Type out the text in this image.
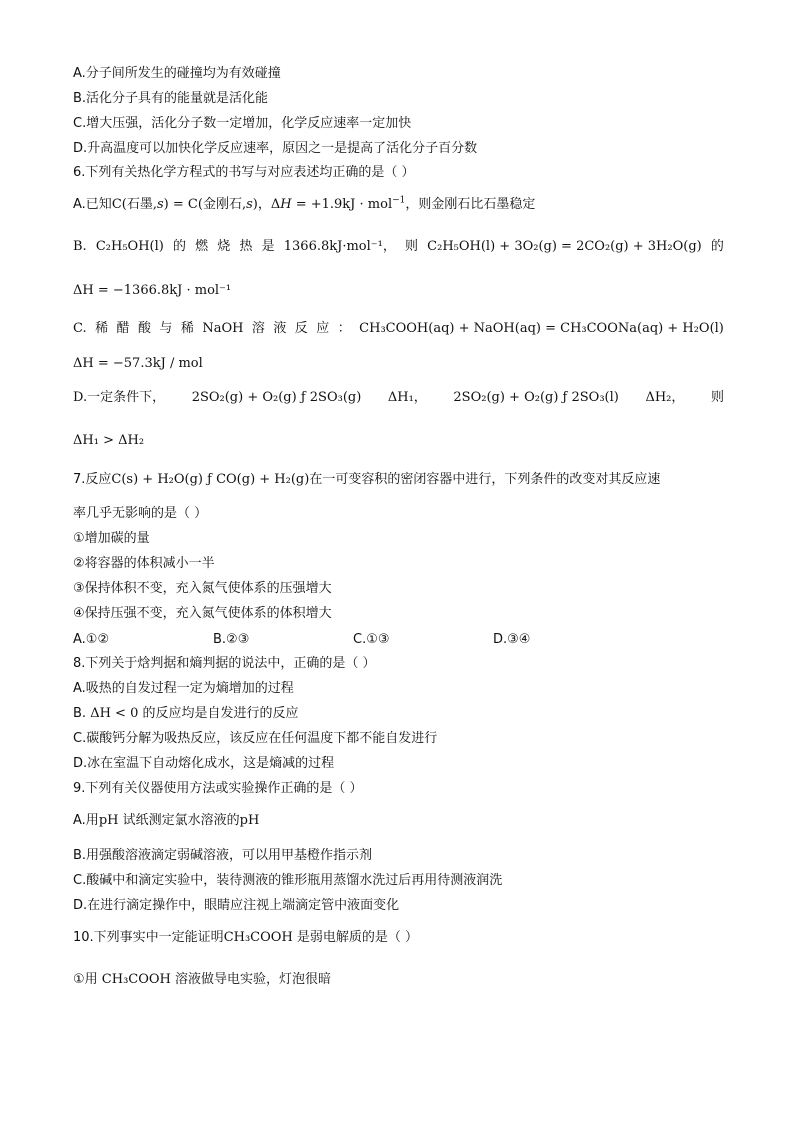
A.分子间所发生的碰撞均为有效碰撞
B.活化分子具有的能量就是活化能
C.增大压强，活化分子数一定增加，化学反应速率一定加快
D.升高温度可以加快化学反应速率，原因之一是提高了活化分子百分数
6.下列有关热化学方程式的书写与对应表述均正确的是（ ）
A.已知C(石墨,s) = C(金刚石,s)，ΔH = +1.9kJ · mol$^{-1}$，则金刚石比石墨稳定
B. C₂H₅OH(l) 的 燃 烧 热 是 1366.8kJ·mol⁻¹， 则 C₂H₅OH(l) + 3O₂(g) = 2CO₂(g) + 3H₂O(g) 的
ΔH = −1366.8kJ · mol⁻¹
C. 稀 醋 酸 与 稀 NaOH 溶 液 反 应 ： CH₃COOH(aq) + NaOH(aq) = CH₃COONa(aq) + H₂O(l)
ΔH = −57.3kJ / mol
D.一定条件下， 2SO₂(g) + O₂(g) ƒ 2SO₃(g) ΔH₁， 2SO₂(g) + O₂(g) ƒ 2SO₃(l) ΔH₂， 则
ΔH₁ > ΔH₂
7.反应C(s) + H₂O(g) ƒ CO(g) + H₂(g)在一可变容积的密闭容器中进行，下列条件的改变对其反应速
率几乎无影响的是（ ）
①增加碳的量
②将容器的体积减小一半
③保持体积不变，充入氮气使体系的压强增大
④保持压强不变，充入氮气使体系的体积增大
A.①②	B.②③	C.①③	D.③④
8.下列关于焓判据和熵判据的说法中，正确的是（ ）
A.吸热的自发过程一定为熵增加的过程
B. ΔH < 0 的反应均是自发进行的反应
C.碳酸钙分解为吸热反应，该反应在任何温度下都不能自发进行
D.冰在室温下自动熔化成水，这是熵减的过程
9.下列有关仪器使用方法或实验操作正确的是（ ）
A.用pH 试纸测定氯水溶液的pH
B.用强酸溶液滴定弱碱溶液，可以用甲基橙作指示剂
C.酸碱中和滴定实验中，装待测液的锥形瓶用蒸馏水洗过后再用待测液润洗
D.在进行滴定操作中，眼睛应注视上端滴定管中液面变化
10.下列事实中一定能证明CH₃COOH 是弱电解质的是（ ）
①用 CH₃COOH 溶液做导电实验，灯泡很暗
